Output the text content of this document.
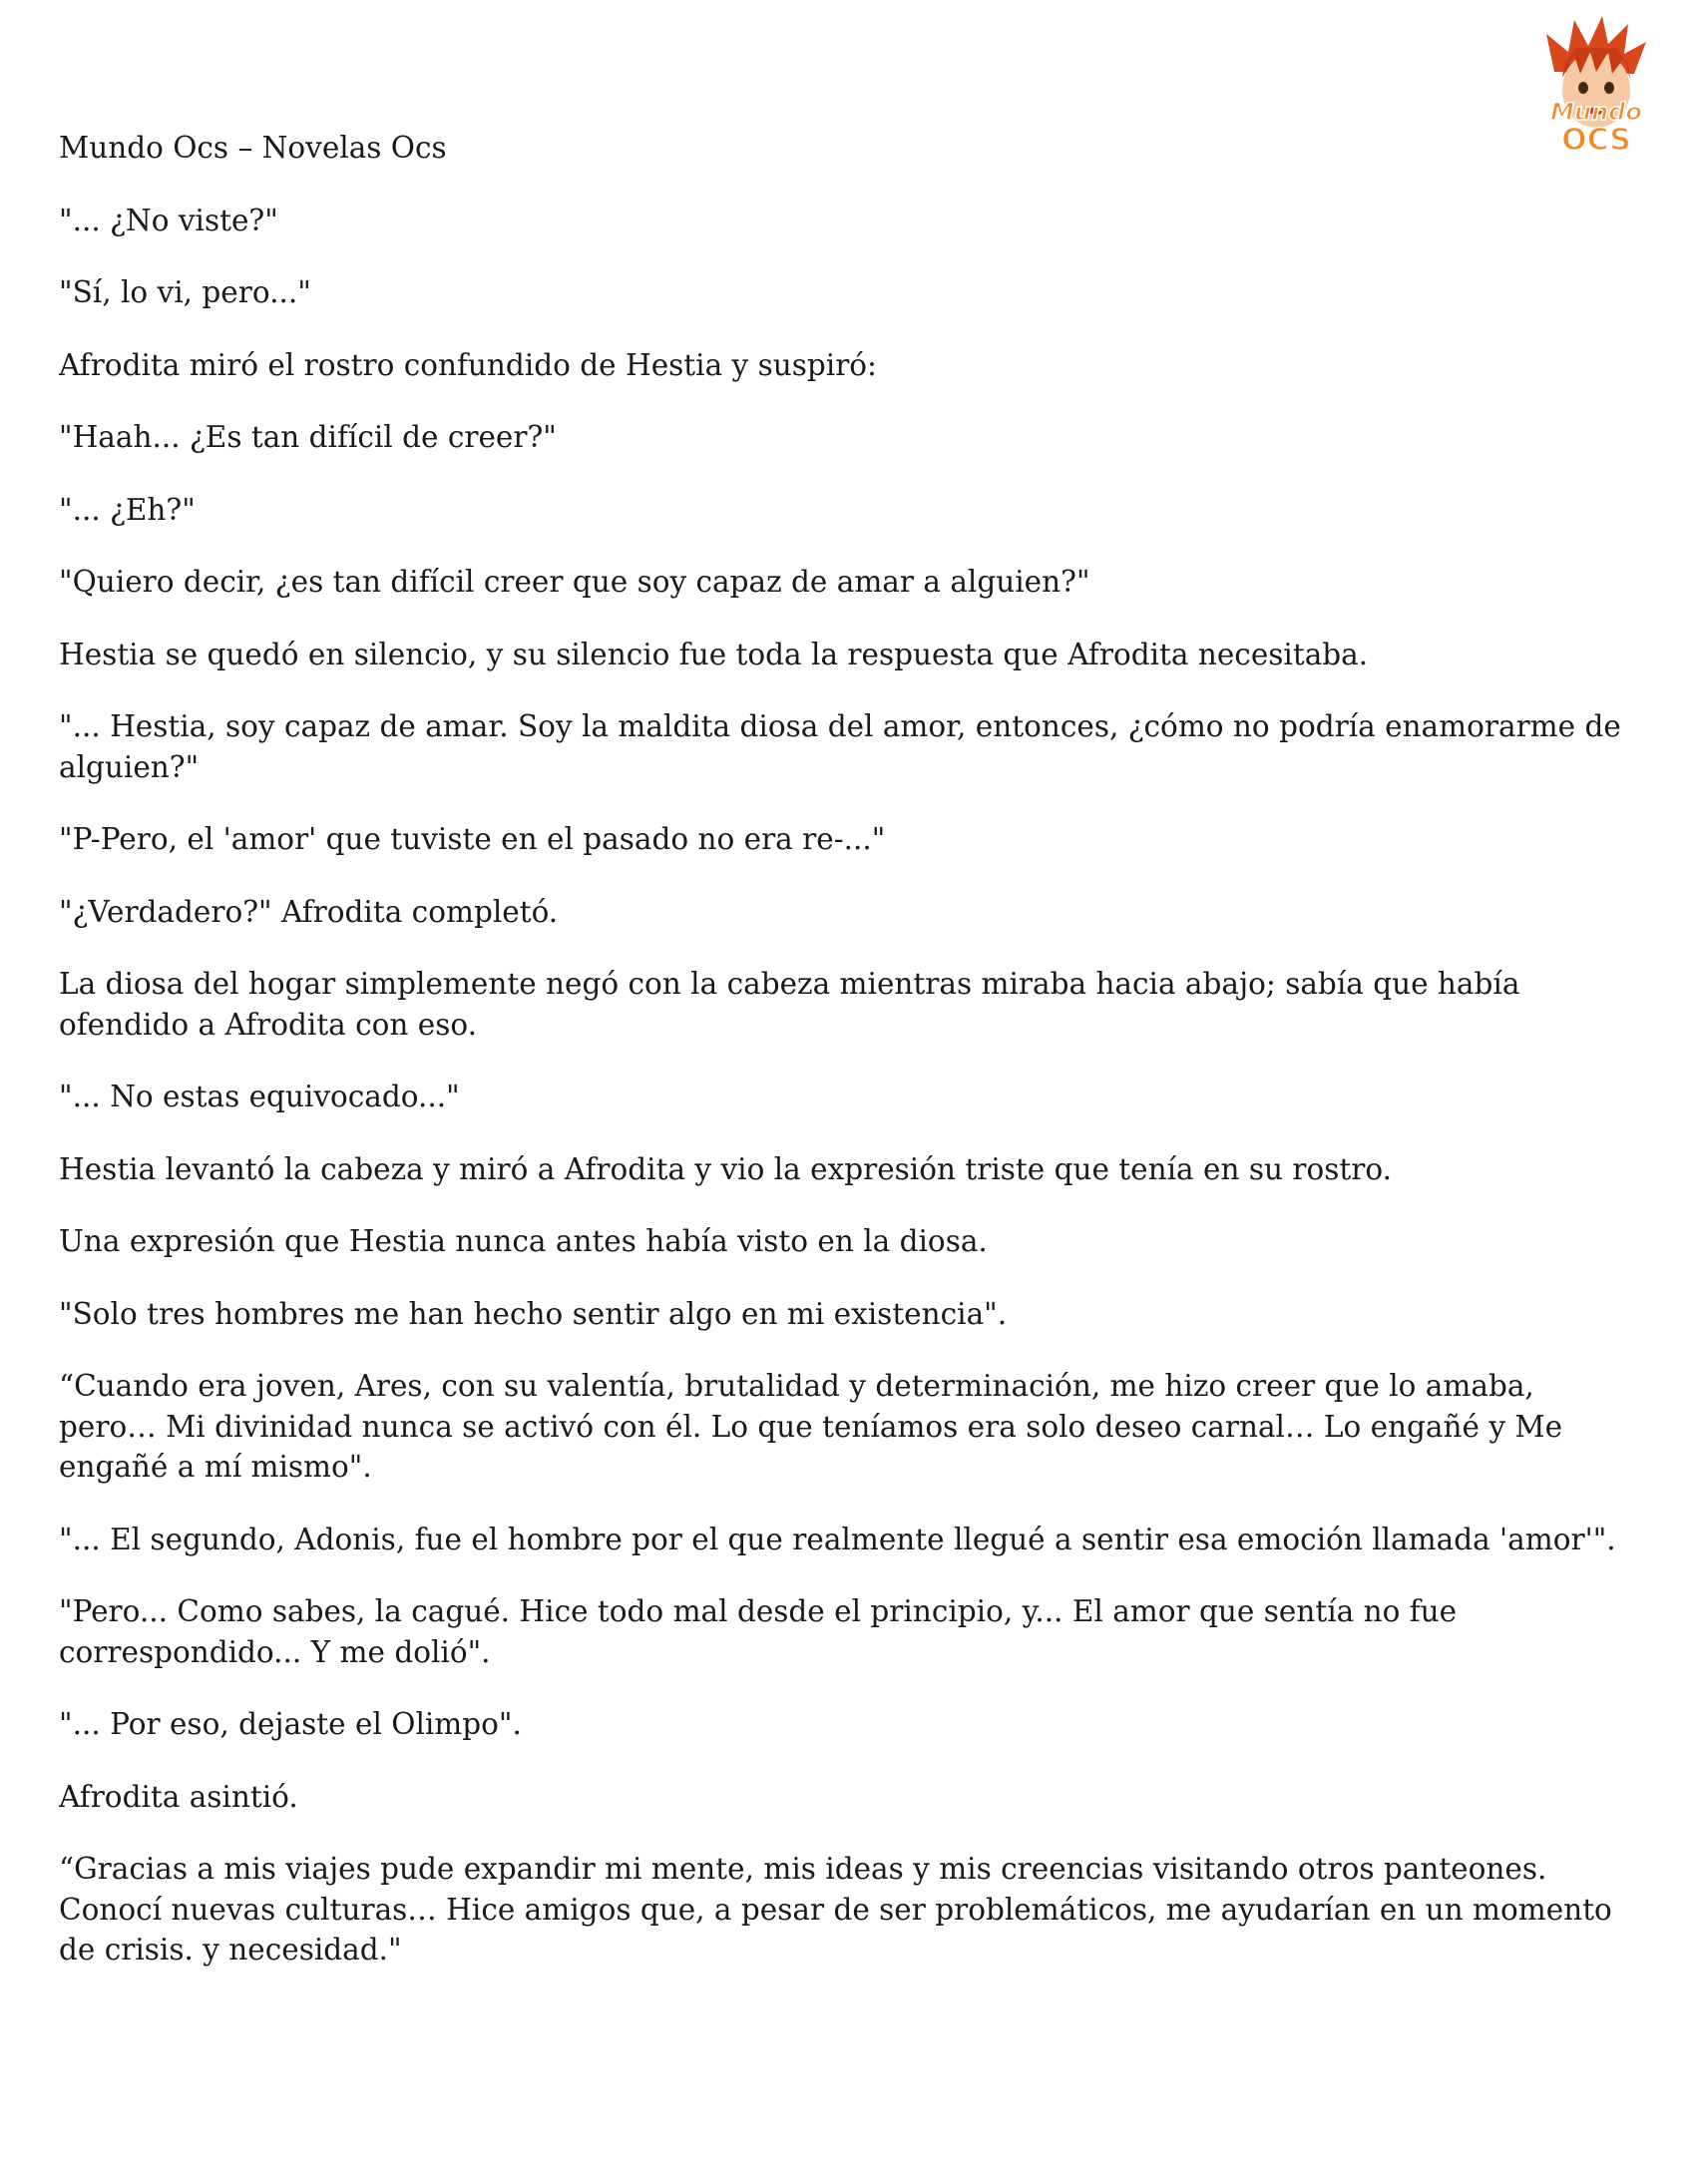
Mundo
OCS

Mundo Ocs – Novelas Ocs

"... ¿No viste?"

"Sí, lo vi, pero..."

Afrodita miró el rostro confundido de Hestia y suspiró:

"Haah... ¿Es tan difícil de creer?"

"... ¿Eh?"

"Quiero decir, ¿es tan difícil creer que soy capaz de amar a alguien?"

Hestia se quedó en silencio, y su silencio fue toda la respuesta que Afrodita necesitaba.

"... Hestia, soy capaz de amar. Soy la maldita diosa del amor, entonces, ¿cómo no podría enamorarme de alguien?"

"P-Pero, el 'amor' que tuviste en el pasado no era re-..."

"¿Verdadero?" Afrodita completó.

La diosa del hogar simplemente negó con la cabeza mientras miraba hacia abajo; sabía que había ofendido a Afrodita con eso.

"... No estas equivocado..."

Hestia levantó la cabeza y miró a Afrodita y vio la expresión triste que tenía en su rostro.

Una expresión que Hestia nunca antes había visto en la diosa.

"Solo tres hombres me han hecho sentir algo en mi existencia".

“Cuando era joven, Ares, con su valentía, brutalidad y determinación, me hizo creer que lo amaba, pero… Mi divinidad nunca se activó con él. Lo que teníamos era solo deseo carnal… Lo engañé y Me engañé a mí mismo".

"... El segundo, Adonis, fue el hombre por el que realmente llegué a sentir esa emoción llamada 'amor'".

"Pero... Como sabes, la cagué. Hice todo mal desde el principio, y... El amor que sentía no fue correspondido... Y me dolió".

"... Por eso, dejaste el Olimpo".

Afrodita asintió.

“Gracias a mis viajes pude expandir mi mente, mis ideas y mis creencias visitando otros panteones. Conocí nuevas culturas… Hice amigos que, a pesar de ser problemáticos, me ayudarían en un momento de crisis. y necesidad."
